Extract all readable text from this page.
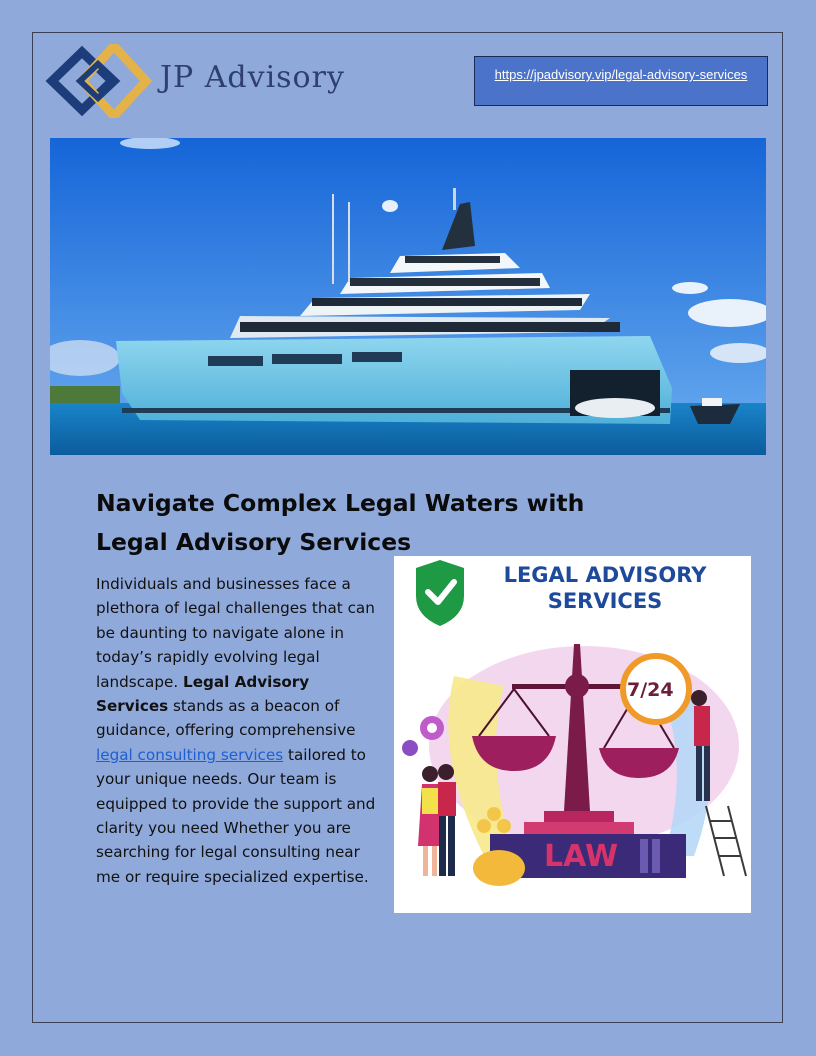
JP Advisory	https://jpadvisory.vip/legal-advisory-services
Navigate Complex Legal Waters with Legal Advisory Services

Individuals and businesses face a plethora of legal challenges that can be daunting to navigate alone in today’s rapidly evolving legal landscape. Legal Advisory Services stands as a beacon of guidance, offering comprehensive legal consulting services tailored to your unique needs. Our team is equipped to provide the support and clarity you need Whether you are searching for legal consulting near me or require specialized expertise.

LEGAL ADVISORY SERVICES
7/24
LAW
